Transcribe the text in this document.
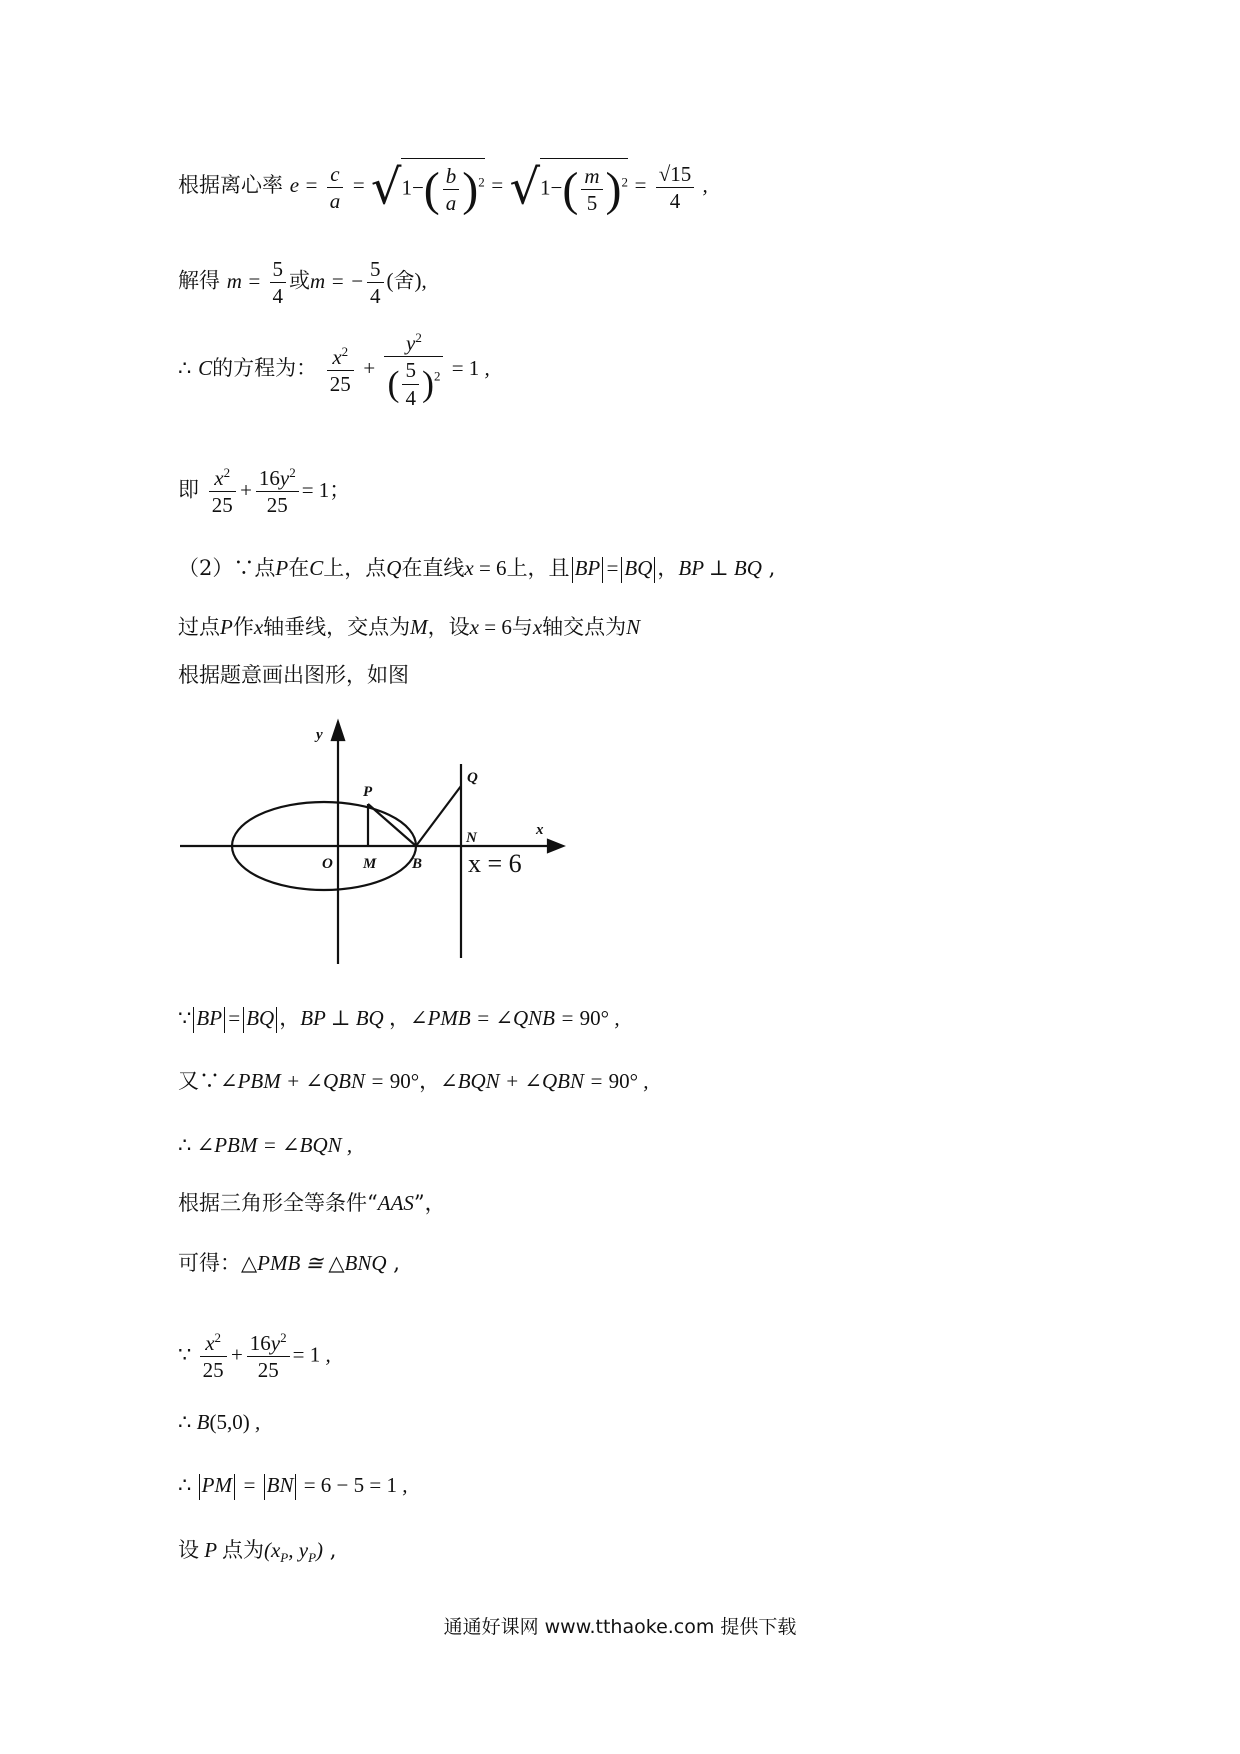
根据离心率 $e = \frac{c}{a} = √1-( \frac{b}{a} )^2 = √1-( \frac{m}{5} )^2 = \frac{√15}{4}$ ,
解得 $m = \frac{5}{4}$ 或m = − $\frac{5}{4}$ (舍),
∴ C的方程为： $\frac{x^2}{25} + \frac{y^2}{( \frac{5}{4} )^2} = 1$ ,
即 $\frac{x^2}{25} + \frac{16y^2}{25} = 1$；
（2）∵点P在C上，点Q在直线x = 6上，且 BP = BQ ，BP ⊥ BQ ,
过点P作x轴垂线，交点为M，设x = 6与x轴交点为N
根据题意画出图形，如图
y
x
P
Q
N
O M B x = 6
∵ BP = BQ ，BP ⊥ BQ ，∠PMB = ∠QNB = 90° ,
又∵∠PBM + ∠QBN = 90°，∠BQN + ∠QBN = 90° ,
∴ ∠PBM = ∠BQN ,
根据三角形全等条件“AAS”，
可得：△PMB ≅ △BNQ ,
∵ $\frac{x^2}{25} + \frac{16y^2}{25} = 1$ ,
∴ B(5,0) ,
∴ PM = BN = 6 − 5 = 1 ,
设 P 点为($x_P$, $y_P$) ,
通通好课网 www.tthaoke.com 提供下载
